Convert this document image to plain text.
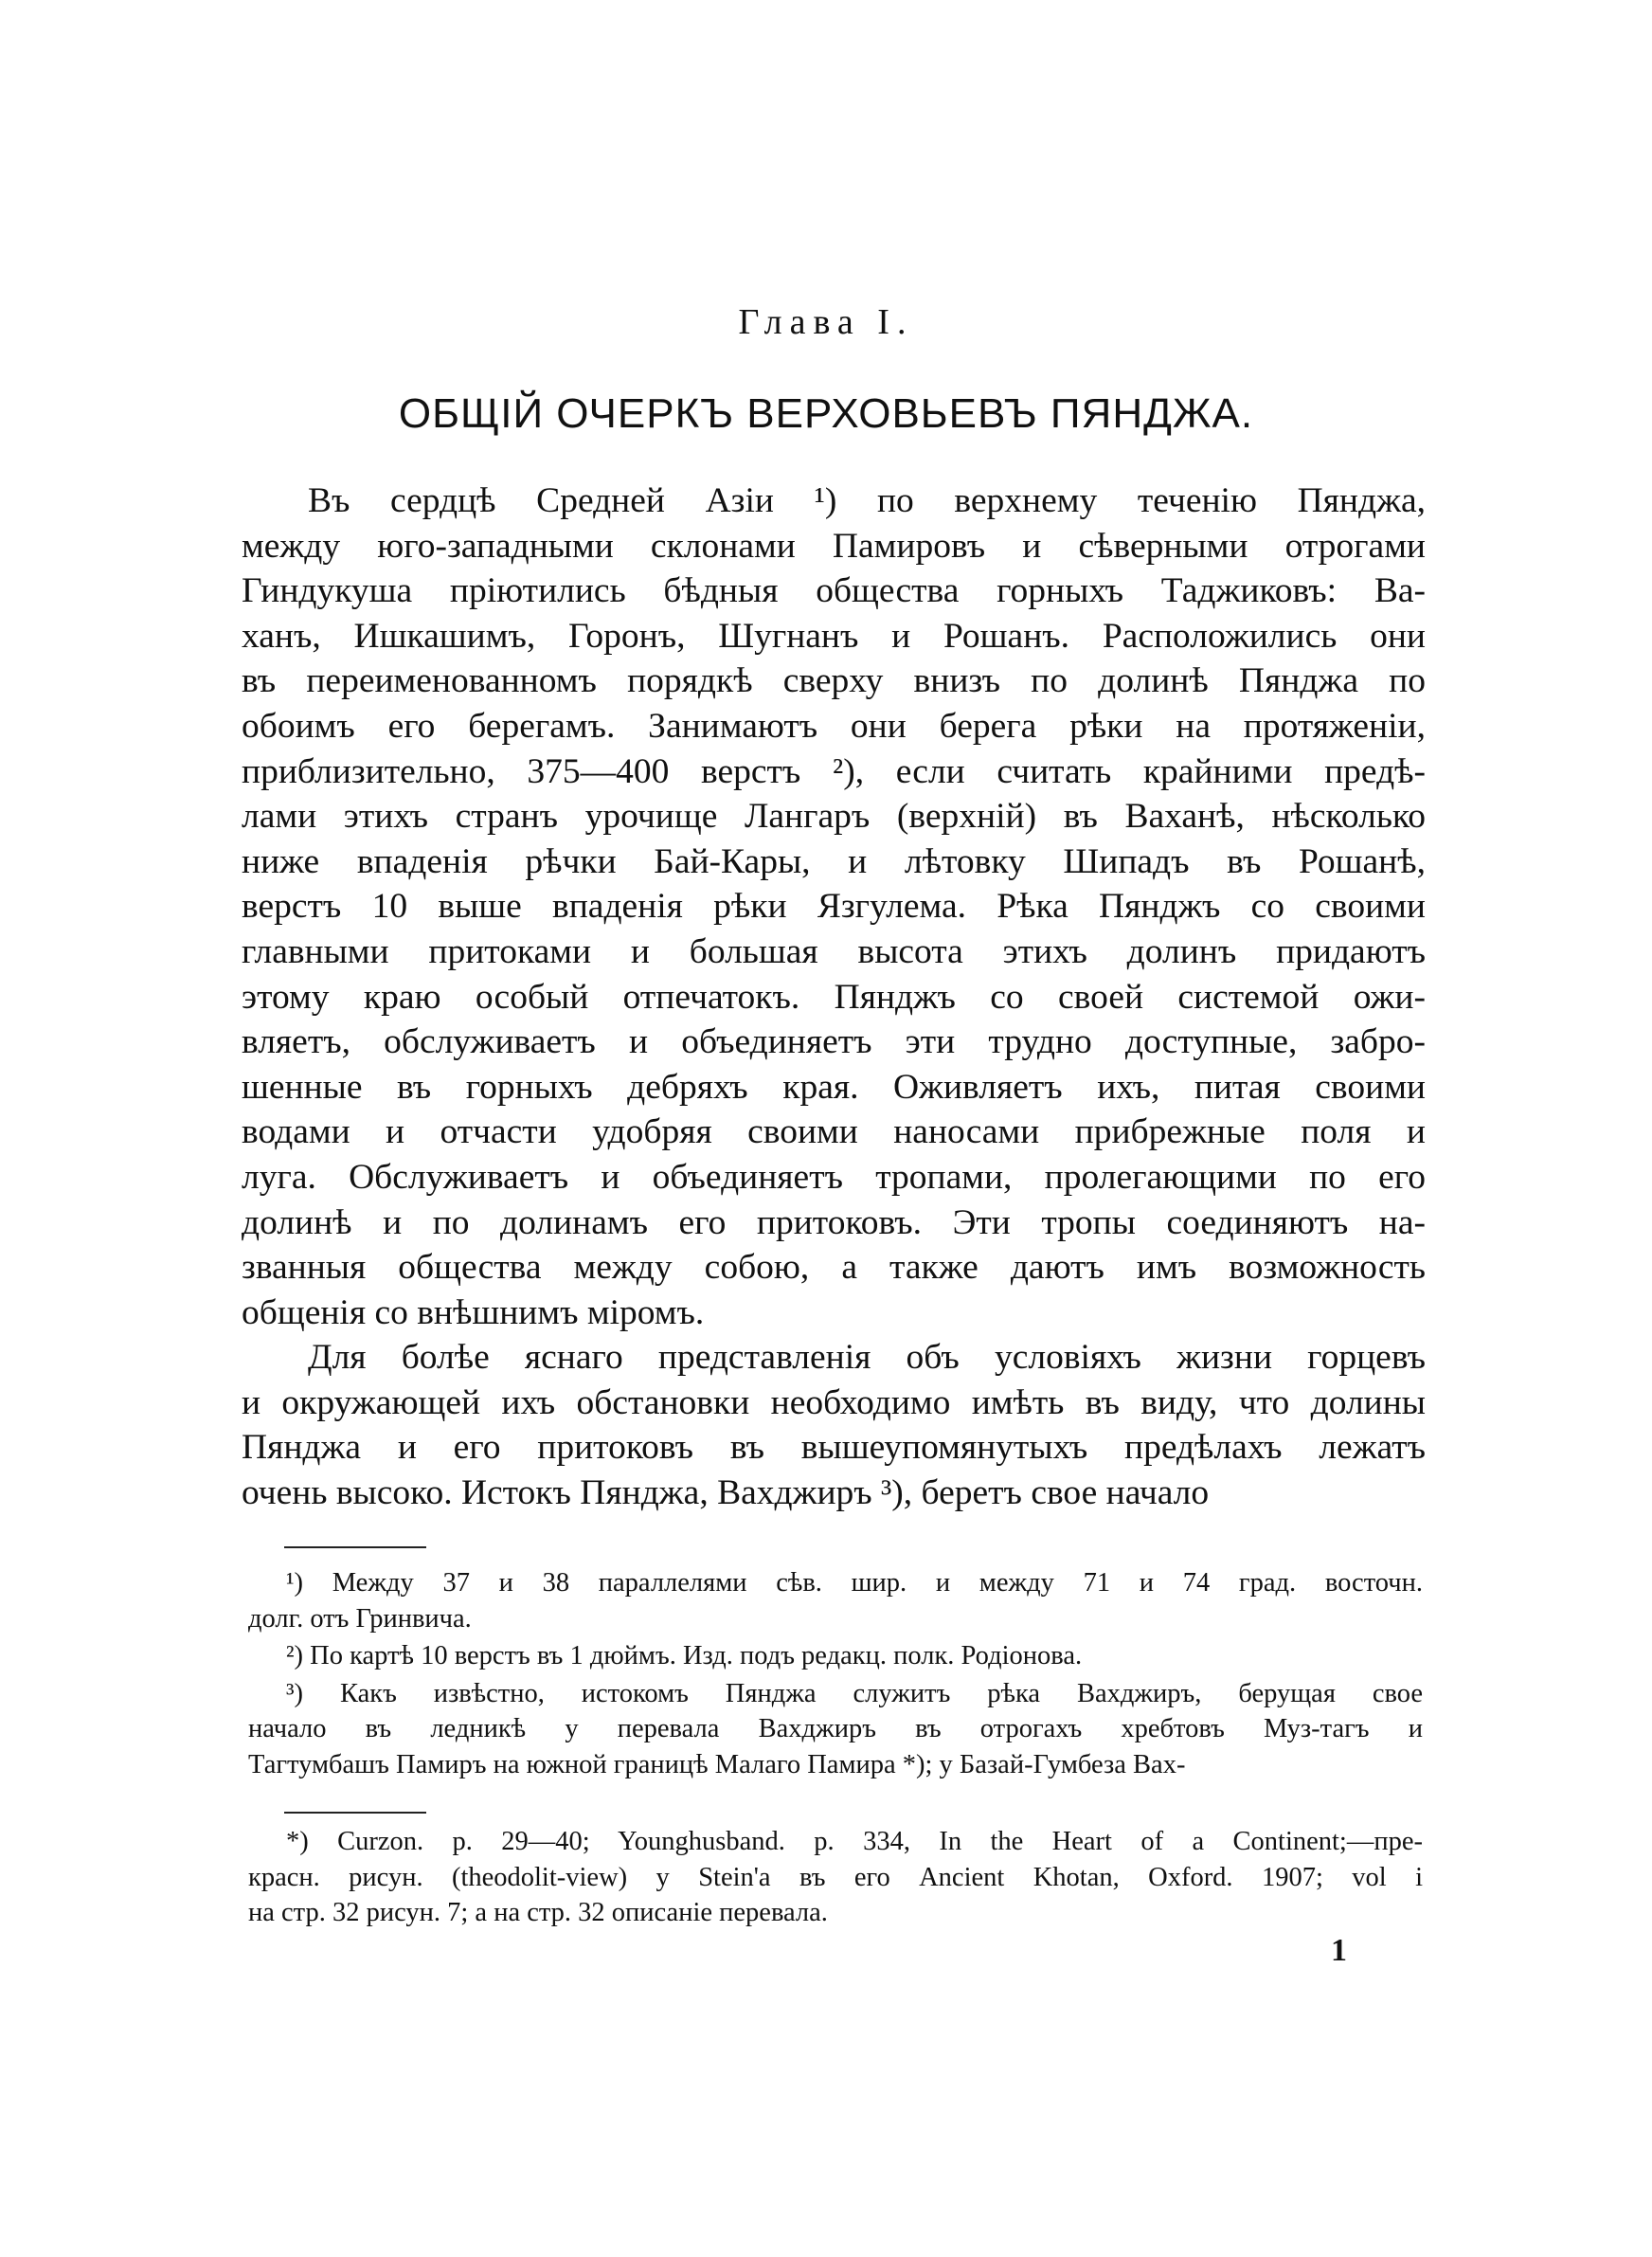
Глава I.
ОБЩІЙ ОЧЕРКЪ ВЕРХОВЬЕВЪ ПЯНДЖА.
Въ сердцѣ Средней Азіи ¹) по верхнему теченію Пянджа,
между юго-западными склонами Памировъ и сѣверными отрогами
Гиндукуша пріютились бѣдныя общества горныхъ Таджиковъ: Ва-
ханъ, Ишкашимъ, Горонъ, Шугнанъ и Рошанъ. Расположились они
въ переименованномъ порядкѣ сверху внизъ по долинѣ Пянджа по
обоимъ его берегамъ. Занимаютъ они берега рѣки на протяженіи,
приблизительно, 375—400 верстъ ²), если считать крайними предѣ-
лами этихъ странъ урочище Лангаръ (верхній) въ Ваханѣ, нѣсколько
ниже впаденія рѣчки Бай-Кары, и лѣтовку Шипадъ въ Рошанѣ,
верстъ 10 выше впаденія рѣки Язгулема. Рѣка Пянджъ со своими
главными притоками и большая высота этихъ долинъ придаютъ
этому краю особый отпечатокъ. Пянджъ со своей системой ожи-
вляетъ, обслуживаетъ и объединяетъ эти трудно доступные, забро-
шенные въ горныхъ дебряхъ края. Оживляетъ ихъ, питая своими
водами и отчасти удобряя своими наносами прибрежные поля и
луга. Обслуживаетъ и объединяетъ тропами, пролегающими по его
долинѣ и по долинамъ его притоковъ. Эти тропы соединяютъ на-
званныя общества между собою, а также даютъ имъ возможность
общенія со внѣшнимъ міромъ.
Для болѣе яснаго представленія объ условіяхъ жизни горцевъ
и окружающей ихъ обстановки необходимо имѣть въ виду, что долины
Пянджа и его притоковъ въ вышеупомянутыхъ предѣлахъ лежатъ
очень высоко. Истокъ Пянджа, Вахджиръ ³), беретъ свое начало
¹) Между 37 и 38 параллелями сѣв. шир. и между 71 и 74 град. восточн.
долг. отъ Гринвича.
²) По картѣ 10 верстъ въ 1 дюймъ. Изд. подъ редакц. полк. Родіонова.
³) Какъ извѣстно, истокомъ Пянджа служитъ рѣка Вахджиръ, берущая свое
начало въ ледникѣ у перевала Вахджиръ въ отрогахъ хребтовъ Муз-тагъ и
Тагтумбашъ Памиръ на южной границѣ Малаго Памира *); у Базай-Гумбеза Вах-
*) Curzon. p. 29—40; Younghusband. p. 334, In the Heart of a Continent;—пре-
красн. рисун. (theodolit-view) у Stein'a въ его Ancient Khotan, Oxford. 1907; vol i
на стр. 32 рисун. 7; а на стр. 32 описаніе перевала.
1
